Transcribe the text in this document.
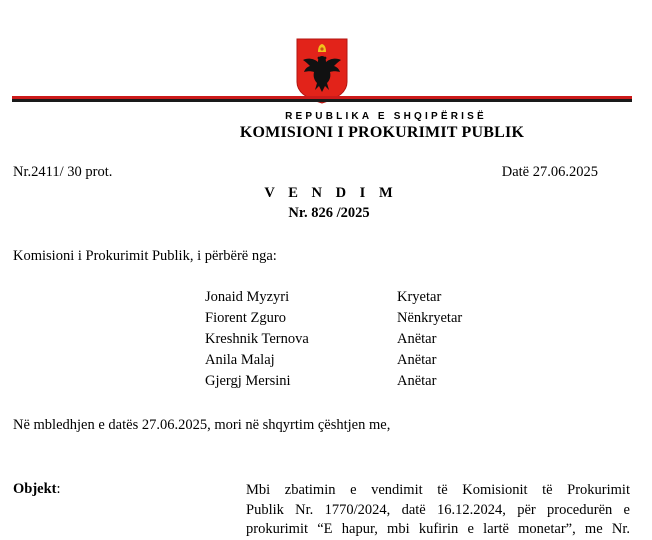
REPUBLIKA E SHQIPËRISË
KOMISIONI I PROKURIMIT PUBLIK
Nr.2411/ 30 prot.	Datë 27.06.2025
V E N D I M
Nr. 826 /2025
Komisioni i Prokurimit Publik, i përbërë nga:
Jonaid Myzyri	Kryetar
Fiorent Zguro	Nënkryetar
Kreshnik Ternova	Anëtar
Anila Malaj	Anëtar
Gjergj Mersini	Anëtar
Në mbledhjen e datës 27.06.2025, mori në shqyrtim çështjen me,
Objekt:	Mbi zbatimin e vendimit të Komisionit të Prokurimit
Publik Nr. 1770/2024, datë 16.12.2024, për procedurën e
prokurimit “E hapur, mbi kufirin e lartë monetar”, me Nr.
